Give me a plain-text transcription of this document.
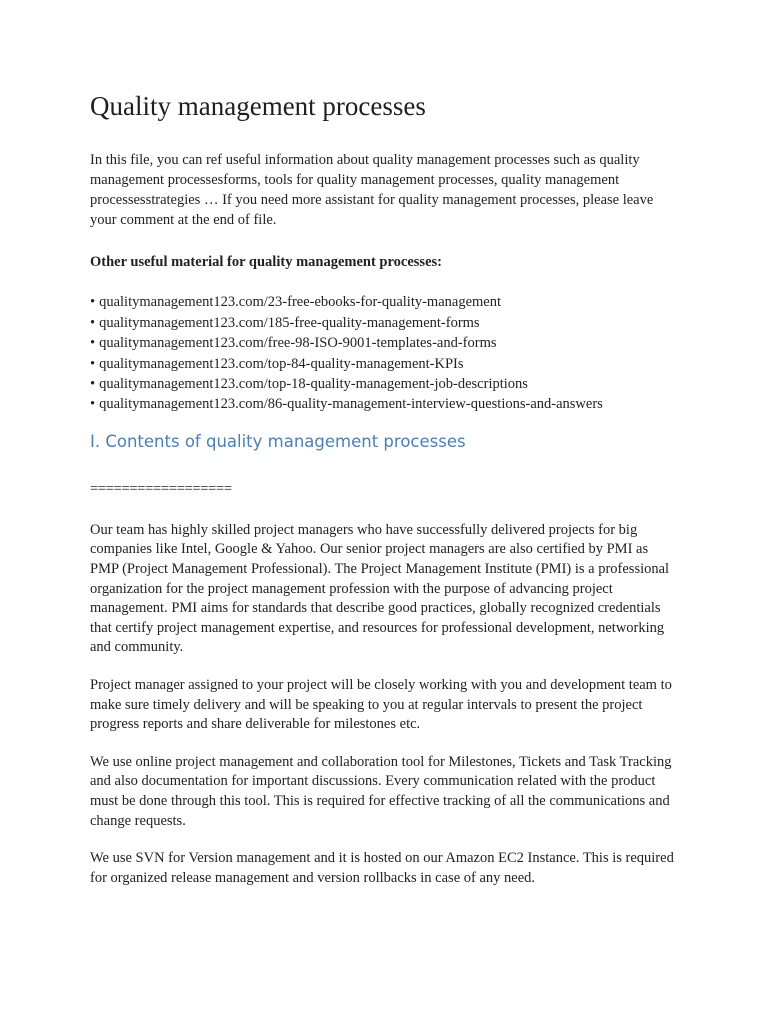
Quality management processes

In this file, you can ref useful information about quality management processes such as quality management processesforms, tools for quality management processes, quality management processesstrategies … If you need more assistant for quality management processes, please leave your comment at the end of file.

Other useful material for quality management processes:

• qualitymanagement123.com/23-free-ebooks-for-quality-management
• qualitymanagement123.com/185-free-quality-management-forms
• qualitymanagement123.com/free-98-ISO-9001-templates-and-forms
• qualitymanagement123.com/top-84-quality-management-KPIs
• qualitymanagement123.com/top-18-quality-management-job-descriptions
• qualitymanagement123.com/86-quality-management-interview-questions-and-answers
I. Contents of quality management processes

==================

Our team has highly skilled project managers who have successfully delivered projects for big companies like Intel, Google & Yahoo. Our senior project managers are also certified by PMI as PMP (Project Management Professional). The Project Management Institute (PMI) is a professional organization for the project management profession with the purpose of advancing project management. PMI aims for standards that describe good practices, globally recognized credentials that certify project management expertise, and resources for professional development, networking and community.

Project manager assigned to your project will be closely working with you and development team to make sure timely delivery and will be speaking to you at regular intervals to present the project progress reports and share deliverable for milestones etc.

We use online project management and collaboration tool for Milestones, Tickets and Task Tracking and also documentation for important discussions. Every communication related with the product must be done through this tool. This is required for effective tracking of all the communications and change requests.

We use SVN for Version management and it is hosted on our Amazon EC2 Instance. This is required for organized release management and version rollbacks in case of any need.
